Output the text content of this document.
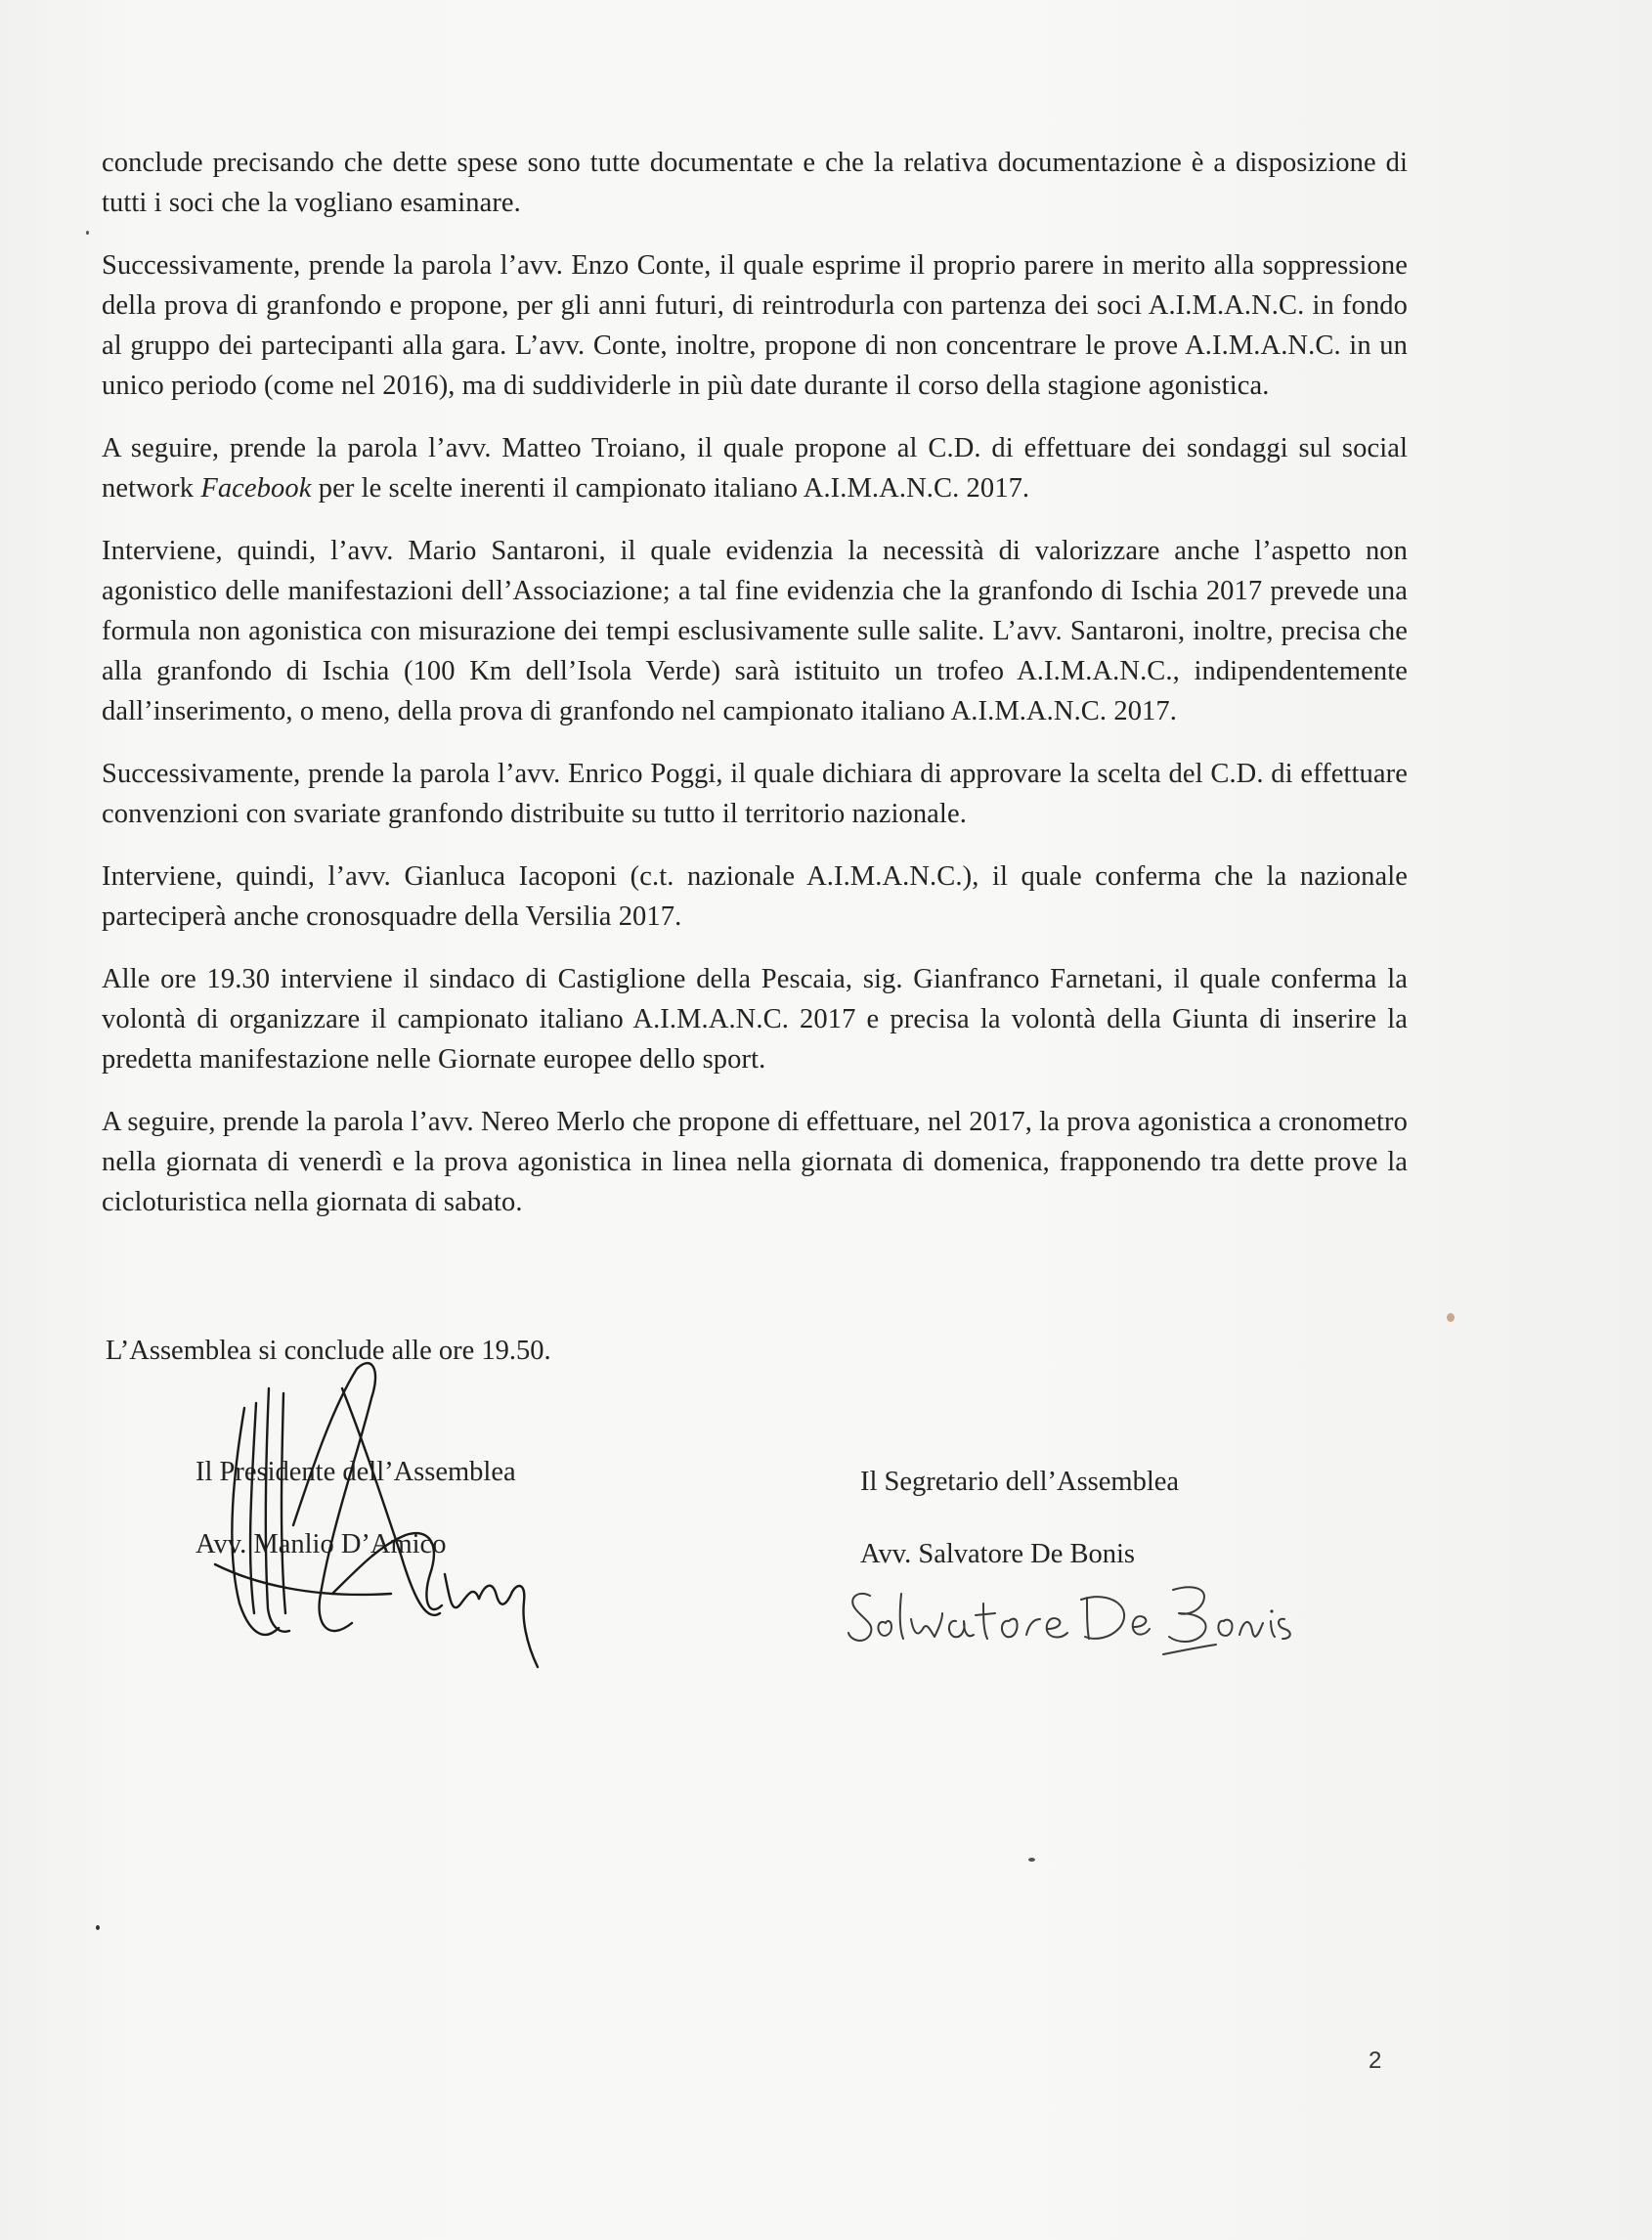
conclude precisando che dette spese sono tutte documentate e che la relativa documentazione è a disposizione di tutti i soci che la vogliano esaminare.

Successivamente, prende la parola l’avv. Enzo Conte, il quale esprime il proprio parere in merito alla soppressione della prova di granfondo e propone, per gli anni futuri, di reintrodurla con partenza dei soci A.I.M.A.N.C. in fondo al gruppo dei partecipanti alla gara. L’avv. Conte, inoltre, propone di non concentrare le prove A.I.M.A.N.C. in un unico periodo (come nel 2016), ma di suddividerle in più date durante il corso della stagione agonistica.

A seguire, prende la parola l’avv. Matteo Troiano, il quale propone al C.D. di effettuare dei sondaggi sul social network Facebook per le scelte inerenti il campionato italiano A.I.M.A.N.C. 2017.

Interviene, quindi, l’avv. Mario Santaroni, il quale evidenzia la necessità di valorizzare anche l’aspetto non agonistico delle manifestazioni dell’Associazione; a tal fine evidenzia che la granfondo di Ischia 2017 prevede una formula non agonistica con misurazione dei tempi esclusivamente sulle salite. L’avv. Santaroni, inoltre, precisa che alla granfondo di Ischia (100 Km dell’Isola Verde) sarà istituito un trofeo A.I.M.A.N.C., indipendentemente dall’inserimento, o meno, della prova di granfondo nel campionato italiano A.I.M.A.N.C. 2017.

Successivamente, prende la parola l’avv. Enrico Poggi, il quale dichiara di approvare la scelta del C.D. di effettuare convenzioni con svariate granfondo distribuite su tutto il territorio nazionale.

Interviene, quindi, l’avv. Gianluca Iacoponi (c.t. nazionale A.I.M.A.N.C.), il quale conferma che la nazionale parteciperà anche cronosquadre della Versilia 2017.

Alle ore 19.30 interviene il sindaco di Castiglione della Pescaia, sig. Gianfranco Farnetani, il quale conferma la volontà di organizzare il campionato italiano A.I.M.A.N.C. 2017 e precisa la volontà della Giunta di inserire la predetta manifestazione nelle Giornate europee dello sport.

A seguire, prende la parola l’avv. Nereo Merlo che propone di effettuare, nel 2017, la prova agonistica a cronometro nella giornata di venerdì e la prova agonistica in linea nella giornata di domenica, frapponendo tra dette prove la cicloturistica nella giornata di sabato.

L’Assemblea si conclude alle ore 19.50.
Il Presidente dell’Assemblea
Avv. Manlio D’Amico
Il Segretario dell’Assemblea
Avv. Salvatore De Bonis
2
